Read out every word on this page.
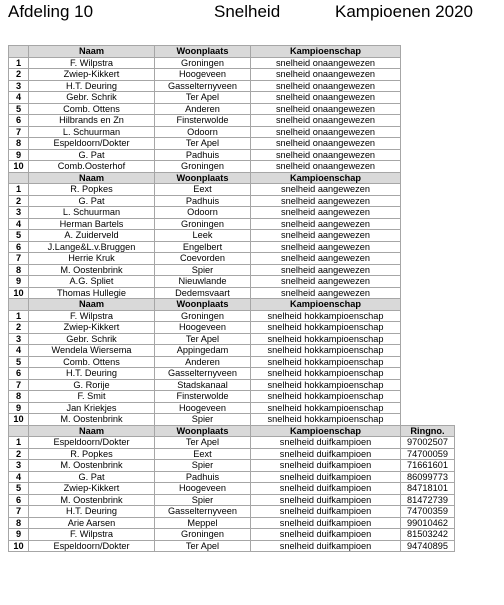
Afdeling 10	Snelheid	Kampioenen 2020
	Naam	Woonplaats	Kampioenschap	
1	F. Wilpstra	Groningen	snelheid onaangewezen	
2	Zwiep-Kikkert	Hoogeveen	snelheid onaangewezen	
3	H.T. Deuring	Gasselternyveen	snelheid onaangewezen	
4	Gebr. Schrik	Ter Apel	snelheid onaangewezen	
5	Comb. Ottens	Anderen	snelheid onaangewezen	
6	Hilbrands en Zn	Finsterwolde	snelheid onaangewezen	
7	L. Schuurman	Odoorn	snelheid onaangewezen	
8	Espeldoorn/Dokter	Ter Apel	snelheid onaangewezen	
9	G. Pat	Padhuis	snelheid onaangewezen	
10	Comb.Oosterhof	Groningen	snelheid onaangewezen	
	Naam	Woonplaats	Kampioenschap	
1	R. Popkes	Eext	snelheid aangewezen	
2	G. Pat	Padhuis	snelheid aangewezen	
3	L. Schuurman	Odoorn	snelheid aangewezen	
4	Herman Bartels	Groningen	snelheid aangewezen	
5	A. Zuiderveld	Leek	snelheid aangewezen	
6	J.Lange&L.v.Bruggen	Engelbert	snelheid aangewezen	
7	Herrie Kruk	Coevorden	snelheid aangewezen	
8	M. Oostenbrink	Spier	snelheid aangewezen	
9	A.G. Spliet	Nieuwlande	snelheid aangewezen	
10	Thomas Hullegie	Dedemsvaart	snelheid aangewezen	
	Naam	Woonplaats	Kampioenschap	
1	F. Wilpstra	Groningen	snelheid hokkampioenschap	
2	Zwiep-Kikkert	Hoogeveen	snelheid hokkampioenschap	
3	Gebr. Schrik	Ter Apel	snelheid hokkampioenschap	
4	Wendela Wiersema	Appingedam	snelheid hokkampioenschap	
5	Comb. Ottens	Anderen	snelheid hokkampioenschap	
6	H.T. Deuring	Gasselternyveen	snelheid hokkampioenschap	
7	G. Rorije	Stadskanaal	snelheid hokkampioenschap	
8	F. Smit	Finsterwolde	snelheid hokkampioenschap	
9	Jan Kriekjes	Hoogeveen	snelheid hokkampioenschap	
10	M. Oostenbrink	Spier	snelheid hokkampioenschap	
	Naam	Woonplaats	Kampioenschap	Ringno.
1	Espeldoorn/Dokter	Ter Apel	snelheid duifkampioen	97002507
2	R. Popkes	Eext	snelheid duifkampioen	74700059
3	M. Oostenbrink	Spier	snelheid duifkampioen	71661601
4	G. Pat	Padhuis	snelheid duifkampioen	86099773
5	Zwiep-Kikkert	Hoogeveen	snelheid duifkampioen	84718101
6	M. Oostenbrink	Spier	snelheid duifkampioen	81472739
7	H.T. Deuring	Gasselternyveen	snelheid duifkampioen	74700359
8	Arie Aarsen	Meppel	snelheid duifkampioen	99010462
9	F. Wilpstra	Groningen	snelheid duifkampioen	81503242
10	Espeldoorn/Dokter	Ter Apel	snelheid duifkampioen	94740895
